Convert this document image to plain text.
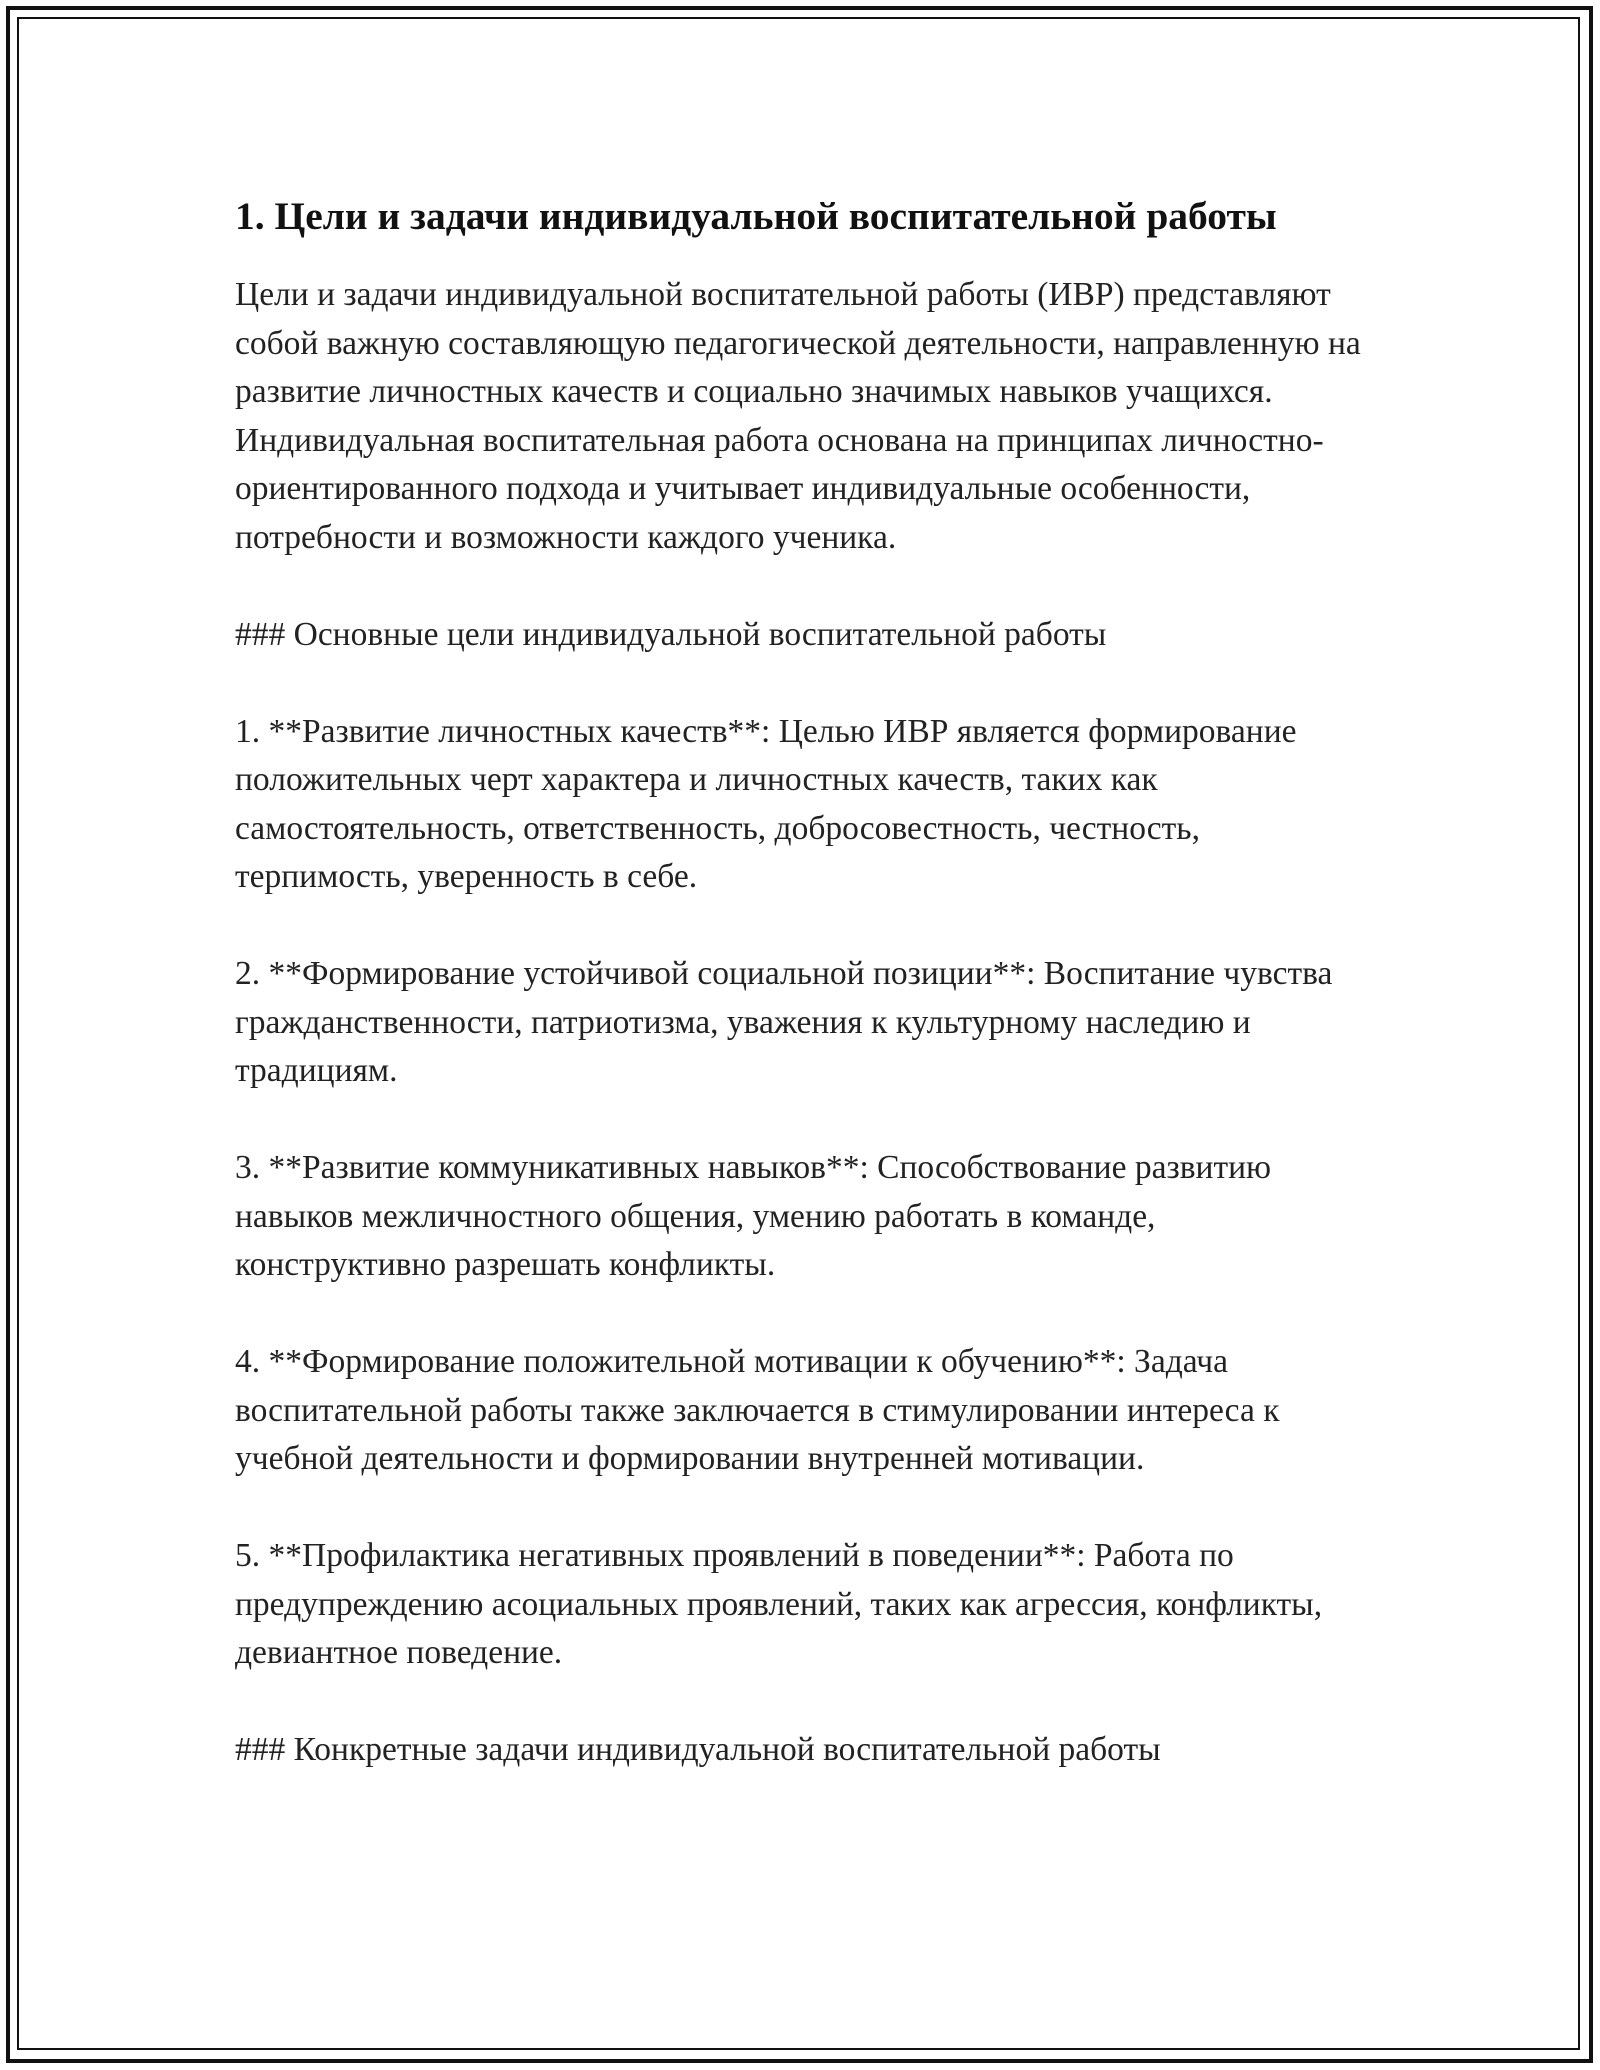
1. Цели и задачи индивидуальной воспитательной работы

Цели и задачи индивидуальной воспитательной работы (ИВР) представляют собой важную составляющую педагогической деятельности, направленную на развитие личностных качеств и социально значимых навыков учащихся. Индивидуальная воспитательная работа основана на принципах личностно-ориентированного подхода и учитывает индивидуальные особенности, потребности и возможности каждого ученика.

### Основные цели индивидуальной воспитательной работы

1. **Развитие личностных качеств**: Целью ИВР является формирование положительных черт характера и личностных качеств, таких как самостоятельность, ответственность, добросовестность, честность, терпимость, уверенность в себе.

2. **Формирование устойчивой социальной позиции**: Воспитание чувства гражданственности, патриотизма, уважения к культурному наследию и традициям.

3. **Развитие коммуникативных навыков**: Способствование развитию навыков межличностного общения, умению работать в команде, конструктивно разрешать конфликты.

4. **Формирование положительной мотивации к обучению**: Задача воспитательной работы также заключается в стимулировании интереса к учебной деятельности и формировании внутренней мотивации.

5. **Профилактика негативных проявлений в поведении**: Работа по предупреждению асоциальных проявлений, таких как агрессия, конфликты, девиантное поведение.

### Конкретные задачи индивидуальной воспитательной работы
